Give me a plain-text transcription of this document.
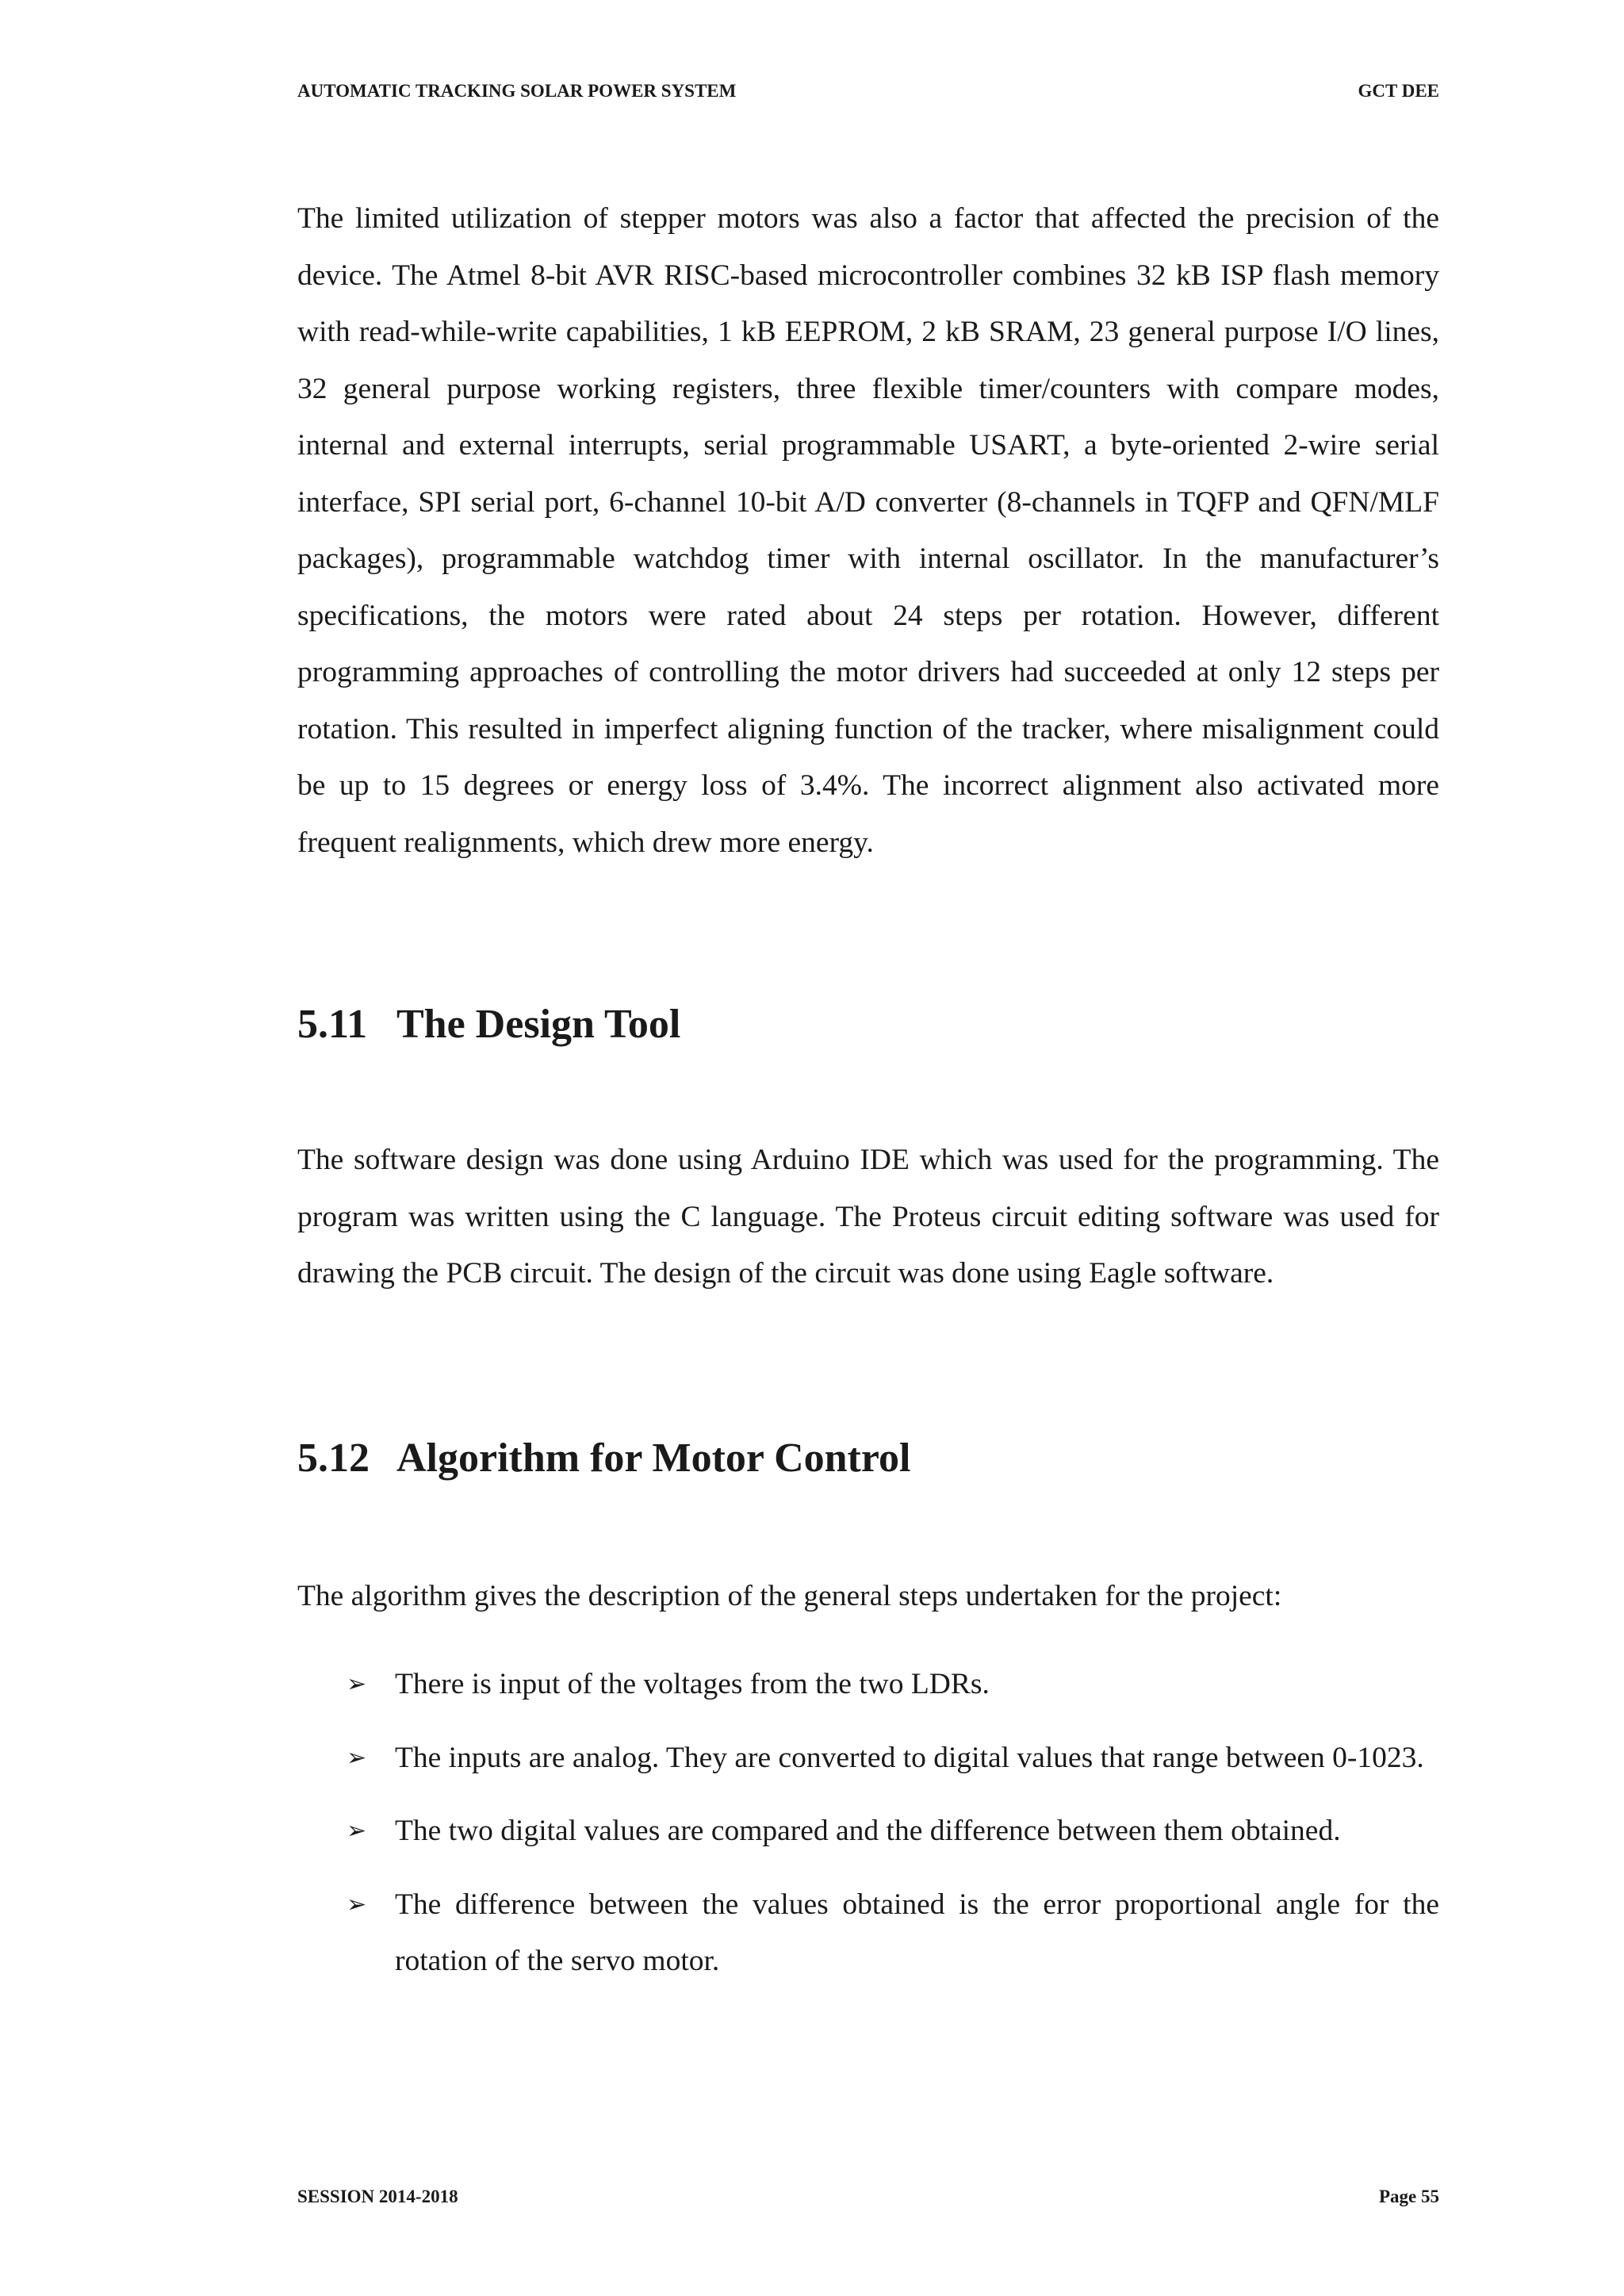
AUTOMATIC TRACKING SOLAR POWER SYSTEM	GCT DEE

The limited utilization of stepper motors was also a factor that affected the precision of the device. The Atmel 8-bit AVR RISC-based microcontroller combines 32 kB ISP flash memory with read-while-write capabilities, 1 kB EEPROM, 2 kB SRAM, 23 general purpose I/O lines, 32 general purpose working registers, three flexible timer/counters with compare modes, internal and external interrupts, serial programmable USART, a byte-oriented 2-wire serial interface, SPI serial port, 6-channel 10-bit A/D converter (8-channels in TQFP and QFN/MLF packages), programmable watchdog timer with internal oscillator. In the manufacturer’s specifications, the motors were rated about 24 steps per rotation. However, different programming approaches of controlling the motor drivers had succeeded at only 12 steps per rotation. This resulted in imperfect aligning function of the tracker, where misalignment could be up to 15 degrees or energy loss of 3.4%. The incorrect alignment also activated more frequent realignments, which drew more energy.

5.11 The Design Tool

The software design was done using Arduino IDE which was used for the programming. The program was written using the C language. The Proteus circuit editing software was used for drawing the PCB circuit. The design of the circuit was done using Eagle software.

5.12 Algorithm for Motor Control

The algorithm gives the description of the general steps undertaken for the project:

➢ There is input of the voltages from the two LDRs.
➢ The inputs are analog. They are converted to digital values that range between 0-1023.
➢ The two digital values are compared and the difference between them obtained.
➢ The difference between the values obtained is the error proportional angle for the rotation of the servo motor.
SESSION 2014-2018	Page 55
